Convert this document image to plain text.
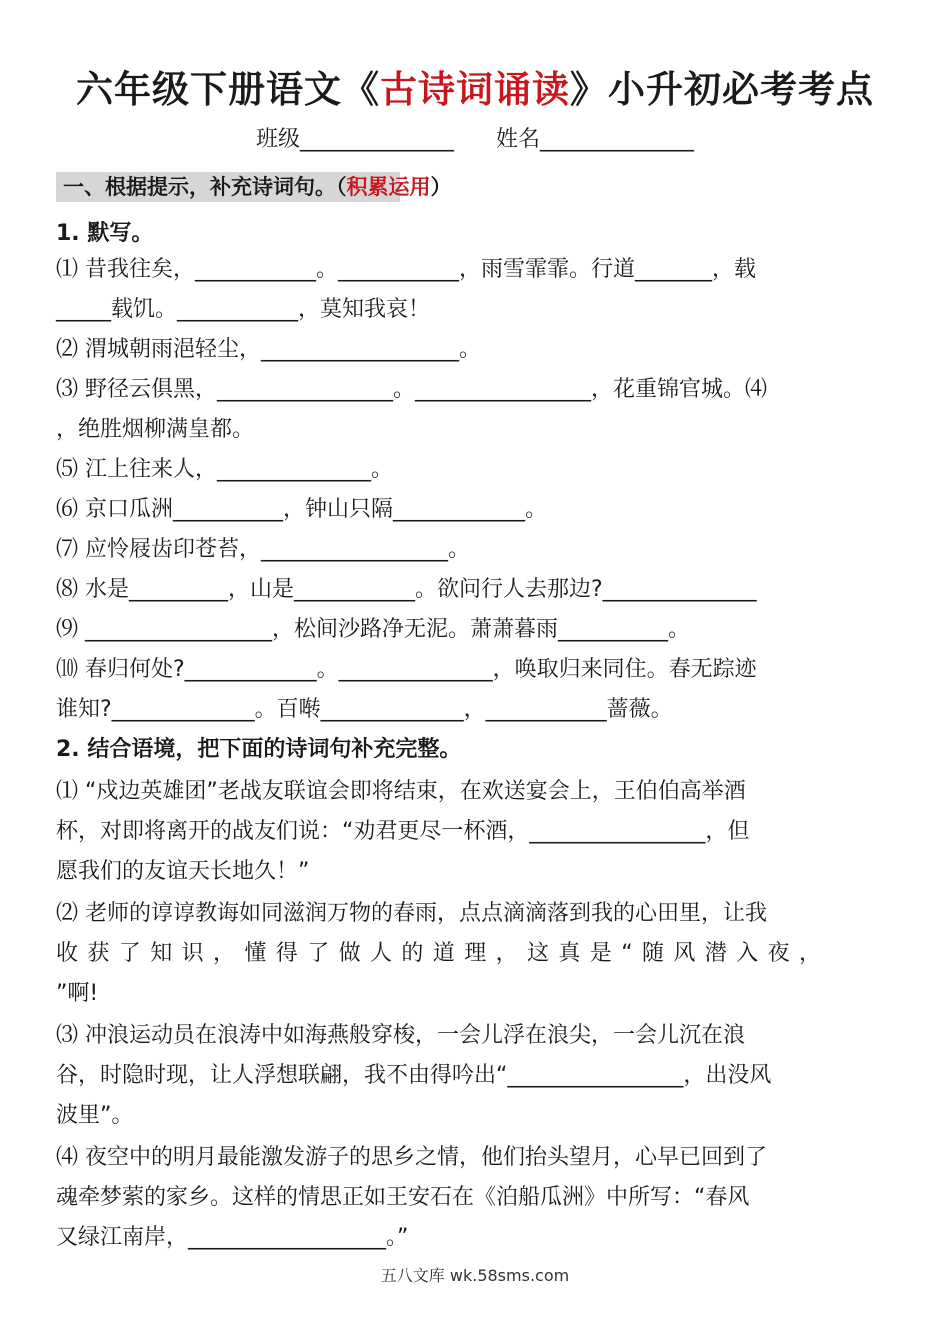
六年级下册语文《古诗词诵读》小升初必考考点
班级______________      姓名______________
一、根据提示，补充诗词句。（积累运用）
1. 默写。
⑴ 昔我往矣，___________。___________，雨雪霏霏。行道_______，载
_____载饥。___________，莫知我哀！
⑵ 渭城朝雨浥轻尘，__________________。
⑶ 野径云俱黑，________________。________________，花重锦官城。⑷
，绝胜烟柳满皇都。
⑸ 江上往来人，______________。
⑹ 京口瓜洲__________，钟山只隔____________。
⑺ 应怜屐齿印苍苔，_________________。
⑻ 水是_________，山是___________。欲问行人去那边?______________
⑼ _________________，松间沙路净无泥。萧萧暮雨__________。
⑽ 春归何处?____________。______________，唤取归来同住。春无踪迹
谁知?_____________。百啭_____________，___________蔷薇。
2. 结合语境，把下面的诗词句补充完整。
⑴ “戍边英雄团”老战友联谊会即将结束，在欢送宴会上，王伯伯高举酒
杯，对即将离开的战友们说：“劝君更尽一杯酒，________________，但
愿我们的友谊天长地久！”
⑵ 老师的谆谆教诲如同滋润万物的春雨，点点滴滴落到我的心田里，让我
收获了知识，懂得了做人的道理，这真是“随风潜入夜，
”啊!
⑶ 冲浪运动员在浪涛中如海燕般穿梭，一会儿浮在浪尖，一会儿沉在浪
谷，时隐时现，让人浮想联翩，我不由得吟出“________________，出没风
波里”。
⑷ 夜空中的明月最能激发游子的思乡之情，他们抬头望月，心早已回到了
魂牵梦萦的家乡。这样的情思正如王安石在《泊船瓜洲》中所写：“春风
又绿江南岸，__________________。”
五八文库 wk.58sms.com
